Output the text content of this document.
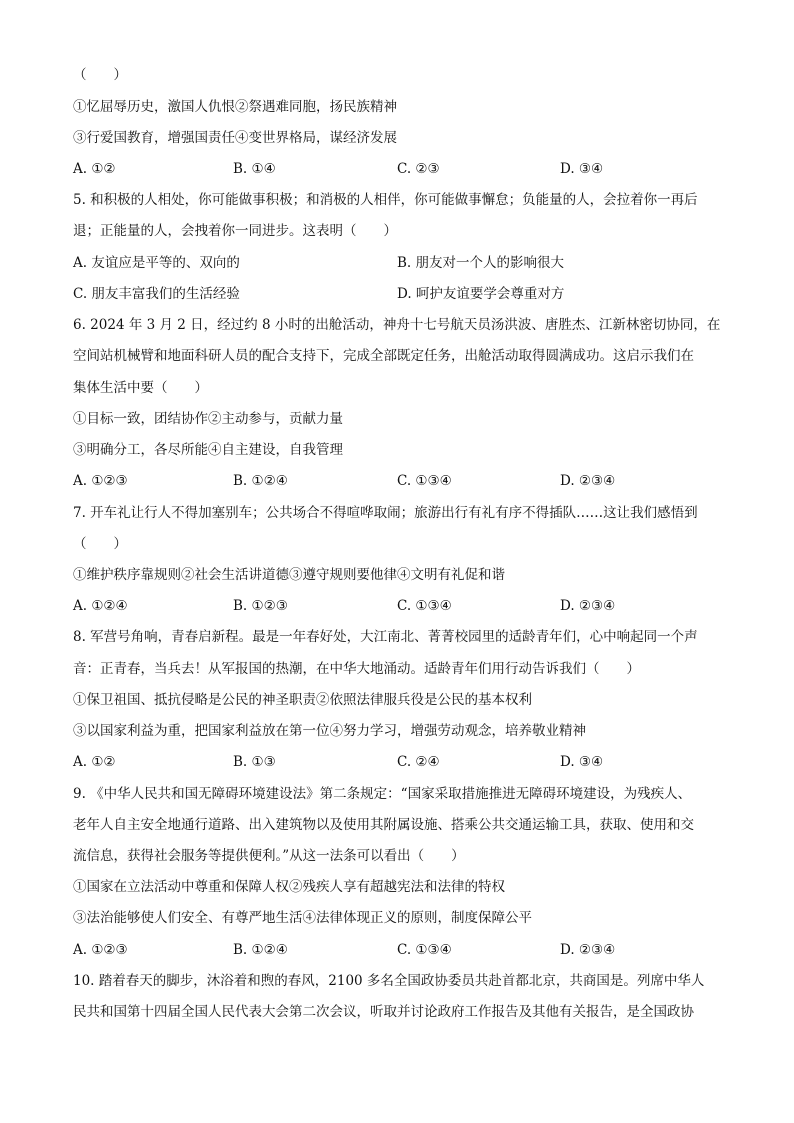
（　　）
①忆屈辱历史，激国人仇恨②祭遇难同胞，扬民族精神
③行爱国教育，增强国责任④变世界格局，谋经济发展
A. ①②	B. ①④	C. ②③	D. ③④
5. 和积极的人相处，你可能做事积极；和消极的人相伴，你可能做事懈怠；负能量的人，会拉着你一再后
退；正能量的人，会拽着你一同进步。这表明（　　）
A. 友谊应是平等的、双向的	B. 朋友对一个人的影响很大
C. 朋友丰富我们的生活经验	D. 呵护友谊要学会尊重对方
6. 2024 年 3 月 2 日，经过约 8 小时的出舱活动，神舟十七号航天员汤洪波、唐胜杰、江新林密切协同，在
空间站机械臂和地面科研人员的配合支持下，完成全部既定任务，出舱活动取得圆满成功。这启示我们在
集体生活中要（　　）
①目标一致，团结协作②主动参与，贡献力量
③明确分工，各尽所能④自主建设，自我管理
A. ①②③	B. ①②④	C. ①③④	D. ②③④
7. 开车礼让行人不得加塞别车；公共场合不得喧哗取闹；旅游出行有礼有序不得插队……这让我们感悟到
（　　）
①维护秩序靠规则②社会生活讲道德③遵守规则要他律④文明有礼促和谐
A. ①②④	B. ①②③	C. ①③④	D. ②③④
8. 军营号角响，青春启新程。最是一年春好处，大江南北、菁菁校园里的适龄青年们，心中响起同一个声
音：正青春，当兵去！从军报国的热潮，在中华大地涌动。适龄青年们用行动告诉我们（　　）
①保卫祖国、抵抗侵略是公民的神圣职责②依照法律服兵役是公民的基本权利
③以国家利益为重，把国家利益放在第一位④努力学习，增强劳动观念，培养敬业精神
A. ①②	B. ①③	C. ②④	D. ③④
9. 《中华人民共和国无障碍环境建设法》第二条规定：“国家采取措施推进无障碍环境建设，为残疾人、
老年人自主安全地通行道路、出入建筑物以及使用其附属设施、搭乘公共交通运输工具，获取、使用和交
流信息，获得社会服务等提供便利。”从这一法条可以看出（　　）
①国家在立法活动中尊重和保障人权②残疾人享有超越宪法和法律的特权
③法治能够使人们安全、有尊严地生活④法律体现正义的原则，制度保障公平
A. ①②③	B. ①②④	C. ①③④	D. ②③④
10. 踏着春天的脚步，沐浴着和煦的春风，2100 多名全国政协委员共赴首都北京，共商国是。列席中华人
民共和国第十四届全国人民代表大会第二次会议，听取并讨论政府工作报告及其他有关报告，是全国政协
